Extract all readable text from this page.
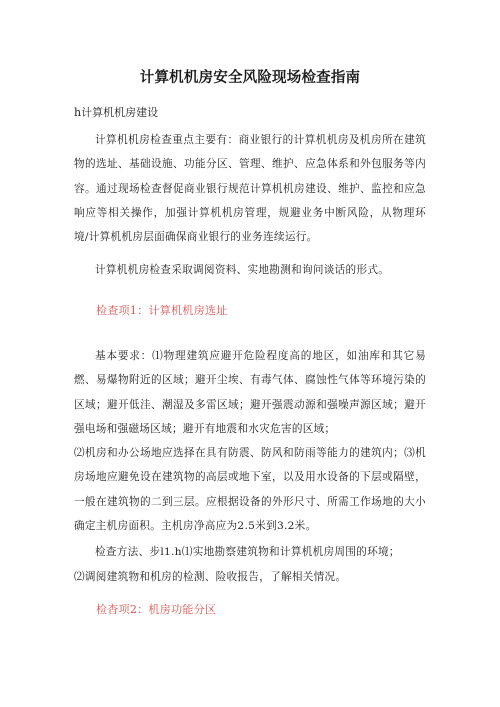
计算机机房安全风险现场检查指南
h计算机机房建设

计算机机房检查重点主要有：商业银行的计算机机房及机房所在建筑物的选址、基础设施、功能分区、管理、维护、应急体系和外包服务等内容。通过现场检查督促商业银行规范计算机机房建设、维护、监控和应急响应等相关操作，加强计算机机房管理，规避业务中断风险，从物理环境/计算机机房层面确保商业银行的业务连续运行。

计算机机房检查采取调阅资料、实地勘测和询问谈话的形式。

检查项1：计算机机房选址

基本要求：⑴物理建筑应避开危险程度高的地区，如油库和其它易燃、易爆物附近的区域；避开尘埃、有毒气体、腐蚀性气体等环境污染的区域；避开低洼、潮湿及多雷区域；避开强震动源和强噪声源区域；避开强电场和强磁场区域；避开有地震和水灾危害的区域；

⑵机房和办公场地应选择在具有防震、防风和防雨等能力的建筑内；⑶机房场地应避免设在建筑物的高层或地下室，以及用水设备的下层或隔壁，一般在建筑物的二到三层。应根据设备的外形尺寸、所需工作场地的大小确定主机房面积。主机房净高应为2.5米到3.2米。

检查方法、步l1.h⑴实地勘察建筑物和计算机机房周围的环境；

⑵调阅建筑物和机房的检测、险收报告，了解相关情况。

检杳项2：机房功能分区
